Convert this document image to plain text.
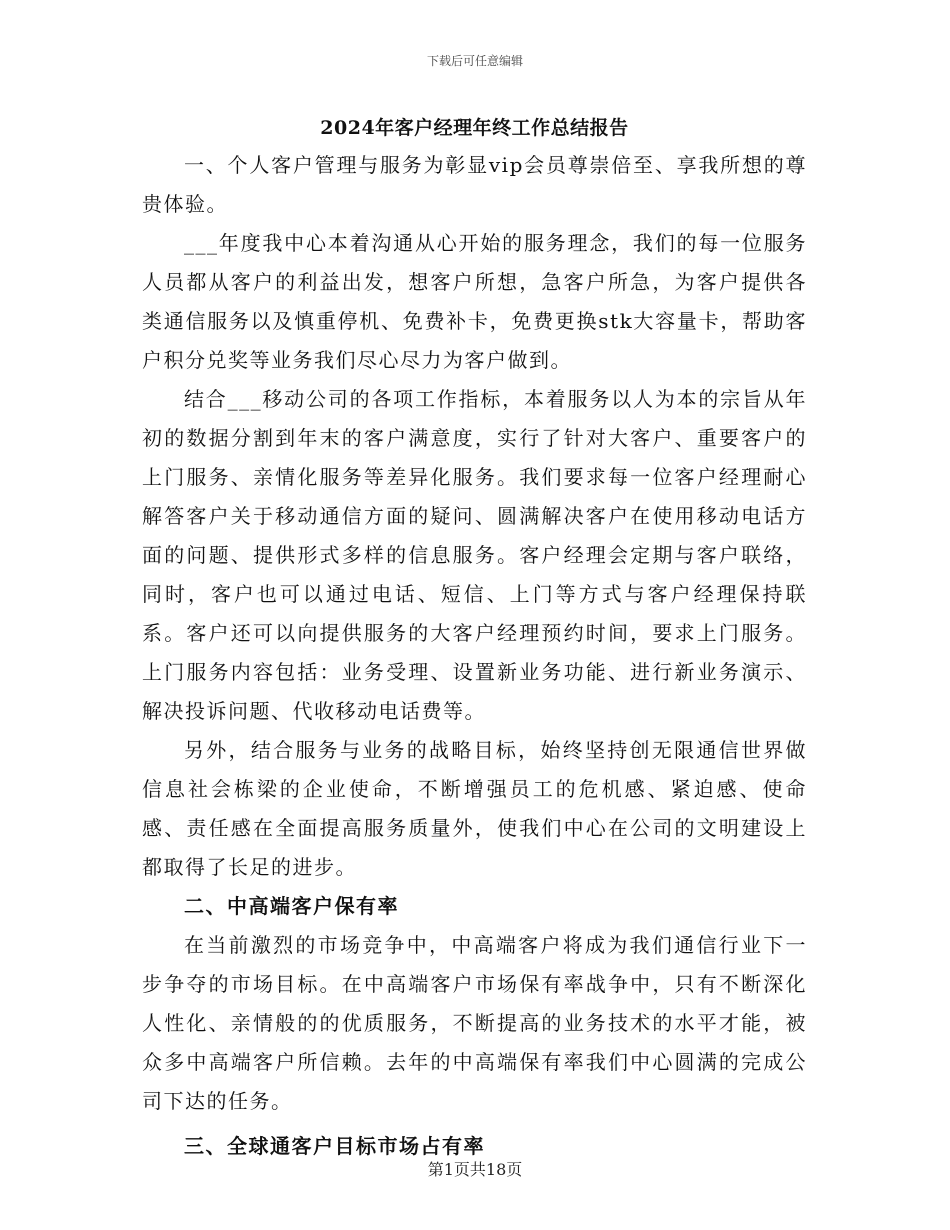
下载后可任意编辑
2024年客户经理年终工作总结报告

一、个人客户管理与服务为彰显vip会员尊崇倍至、享我所想的尊贵体验。

___年度我中心本着沟通从心开始的服务理念，我们的每一位服务人员都从客户的利益出发，想客户所想，急客户所急，为客户提供各类通信服务以及慎重停机、免费补卡，免费更换stk大容量卡，帮助客户积分兑奖等业务我们尽心尽力为客户做到。

结合___移动公司的各项工作指标，本着服务以人为本的宗旨从年初的数据分割到年末的客户满意度，实行了针对大客户、重要客户的上门服务、亲情化服务等差异化服务。我们要求每一位客户经理耐心解答客户关于移动通信方面的疑问、圆满解决客户在使用移动电话方面的问题、提供形式多样的信息服务。客户经理会定期与客户联络，同时，客户也可以通过电话、短信、上门等方式与客户经理保持联系。客户还可以向提供服务的大客户经理预约时间，要求上门服务。上门服务内容包括：业务受理、设置新业务功能、进行新业务演示、解决投诉问题、代收移动电话费等。

另外，结合服务与业务的战略目标，始终坚持创无限通信世界做信息社会栋梁的企业使命，不断增强员工的危机感、紧迫感、使命感、责任感在全面提高服务质量外，使我们中心在公司的文明建设上都取得了长足的进步。

二、中高端客户保有率

在当前激烈的市场竞争中，中高端客户将成为我们通信行业下一步争夺的市场目标。在中高端客户市场保有率战争中，只有不断深化人性化、亲情般的的优质服务，不断提高的业务技术的水平才能，被众多中高端客户所信赖。去年的中高端保有率我们中心圆满的完成公司下达的任务。

三、全球通客户目标市场占有率

第1页共18页
